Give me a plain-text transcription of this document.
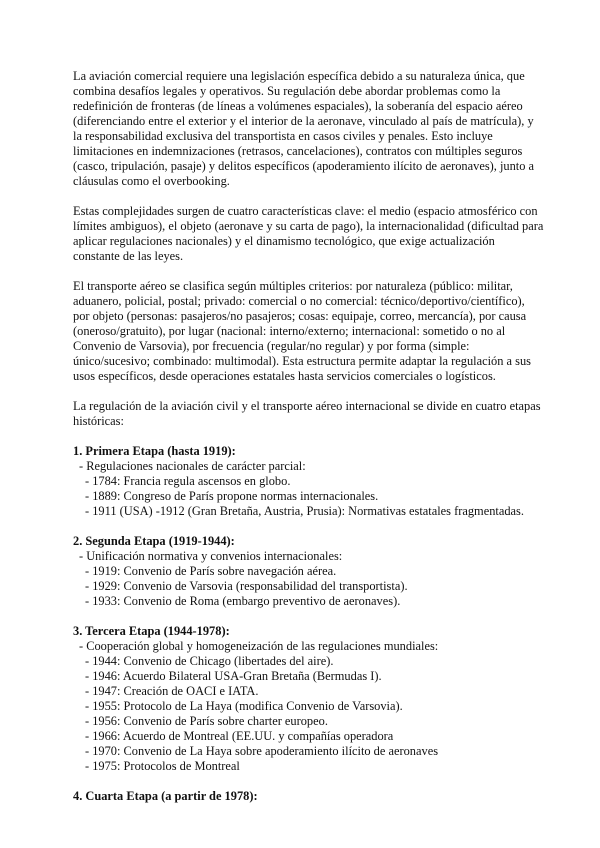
La aviación comercial requiere una legislación específica debido a su naturaleza única, que combina desafíos legales y operativos. Su regulación debe abordar problemas como la redefinición de fronteras (de líneas a volúmenes espaciales), la soberanía del espacio aéreo (diferenciando entre el exterior y el interior de la aeronave, vinculado al país de matrícula), y la responsabilidad exclusiva del transportista en casos civiles y penales. Esto incluye limitaciones en indemnizaciones (retrasos, cancelaciones), contratos con múltiples seguros (casco, tripulación, pasaje) y delitos específicos (apoderamiento ilícito de aeronaves), junto a cláusulas como el overbooking.

Estas complejidades surgen de cuatro características clave: el medio (espacio atmosférico con límites ambiguos), el objeto (aeronave y su carta de pago), la internacionalidad (dificultad para aplicar regulaciones nacionales) y el dinamismo tecnológico, que exige actualización constante de las leyes.

El transporte aéreo se clasifica según múltiples criterios: por naturaleza (público: militar, aduanero, policial, postal; privado: comercial o no comercial: técnico/deportivo/científico), por objeto (personas: pasajeros/no pasajeros; cosas: equipaje, correo, mercancía), por causa (oneroso/gratuito), por lugar (nacional: interno/externo; internacional: sometido o no al Convenio de Varsovia), por frecuencia (regular/no regular) y por forma (simple: único/sucesivo; combinado: multimodal). Esta estructura permite adaptar la regulación a sus usos específicos, desde operaciones estatales hasta servicios comerciales o logísticos.

La regulación de la aviación civil y el transporte aéreo internacional se divide en cuatro etapas históricas:

1. Primera Etapa (hasta 1919):

- Regulaciones nacionales de carácter parcial:

- 1784: Francia regula ascensos en globo.

- 1889: Congreso de París propone normas internacionales.

- 1911 (USA) -1912 (Gran Bretaña, Austria, Prusia): Normativas estatales fragmentadas.

2. Segunda Etapa (1919-1944):

- Unificación normativa y convenios internacionales:

- 1919: Convenio de París sobre navegación aérea.

- 1929: Convenio de Varsovia (responsabilidad del transportista).

- 1933: Convenio de Roma (embargo preventivo de aeronaves).

3. Tercera Etapa (1944-1978):

- Cooperación global y homogeneización de las regulaciones mundiales:

- 1944: Convenio de Chicago (libertades del aire).

- 1946: Acuerdo Bilateral USA-Gran Bretaña (Bermudas I).

- 1947: Creación de OACI e IATA.

- 1955: Protocolo de La Haya (modifica Convenio de Varsovia).

- 1956: Convenio de París sobre charter europeo.

- 1966: Acuerdo de Montreal (EE.UU. y compañías operadora

- 1970: Convenio de La Haya sobre apoderamiento ilícito de aeronaves

- 1975: Protocolos de Montreal

4. Cuarta Etapa (a partir de 1978):
